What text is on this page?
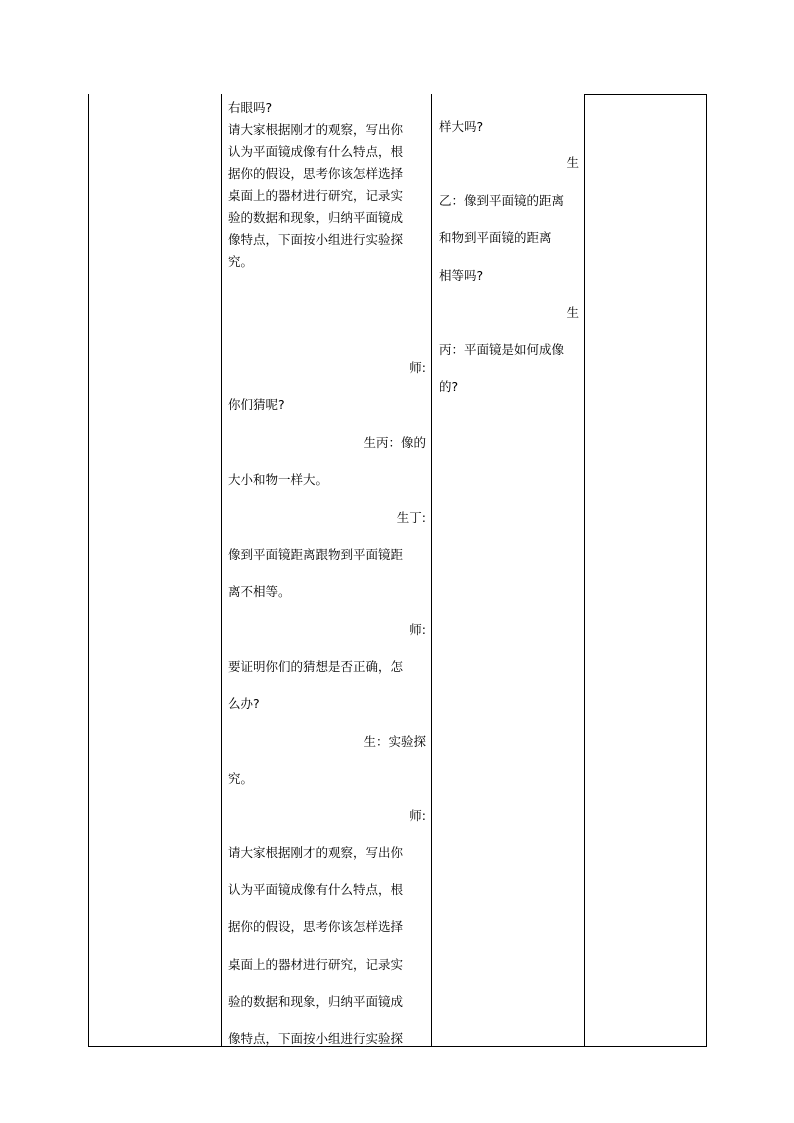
右眼吗?
请大家根据刚才的观察，写出你
认为平面镜成像有什么特点，根
据你的假设，思考你该怎样选择
桌面上的器材进行研究，记录实
验的数据和现象，归纳平面镜成
像特点，下面按小组进行实验探
究。
师:
你们猜呢?
生丙：像的
大小和物一样大。
生丁:
像到平面镜距离跟物到平面镜距
离不相等。
师:
要证明你们的猜想是否正确，怎
么办?
生：实验探
究。
师:
请大家根据刚才的观察，写出你
认为平面镜成像有什么特点，根
据你的假设，思考你该怎样选择
桌面上的器材进行研究，记录实
验的数据和现象，归纳平面镜成
像特点，下面按小组进行实验探
样大吗?
生
乙：像到平面镜的距离
和物到平面镜的距离
相等吗?
生
丙：平面镜是如何成像
的?
